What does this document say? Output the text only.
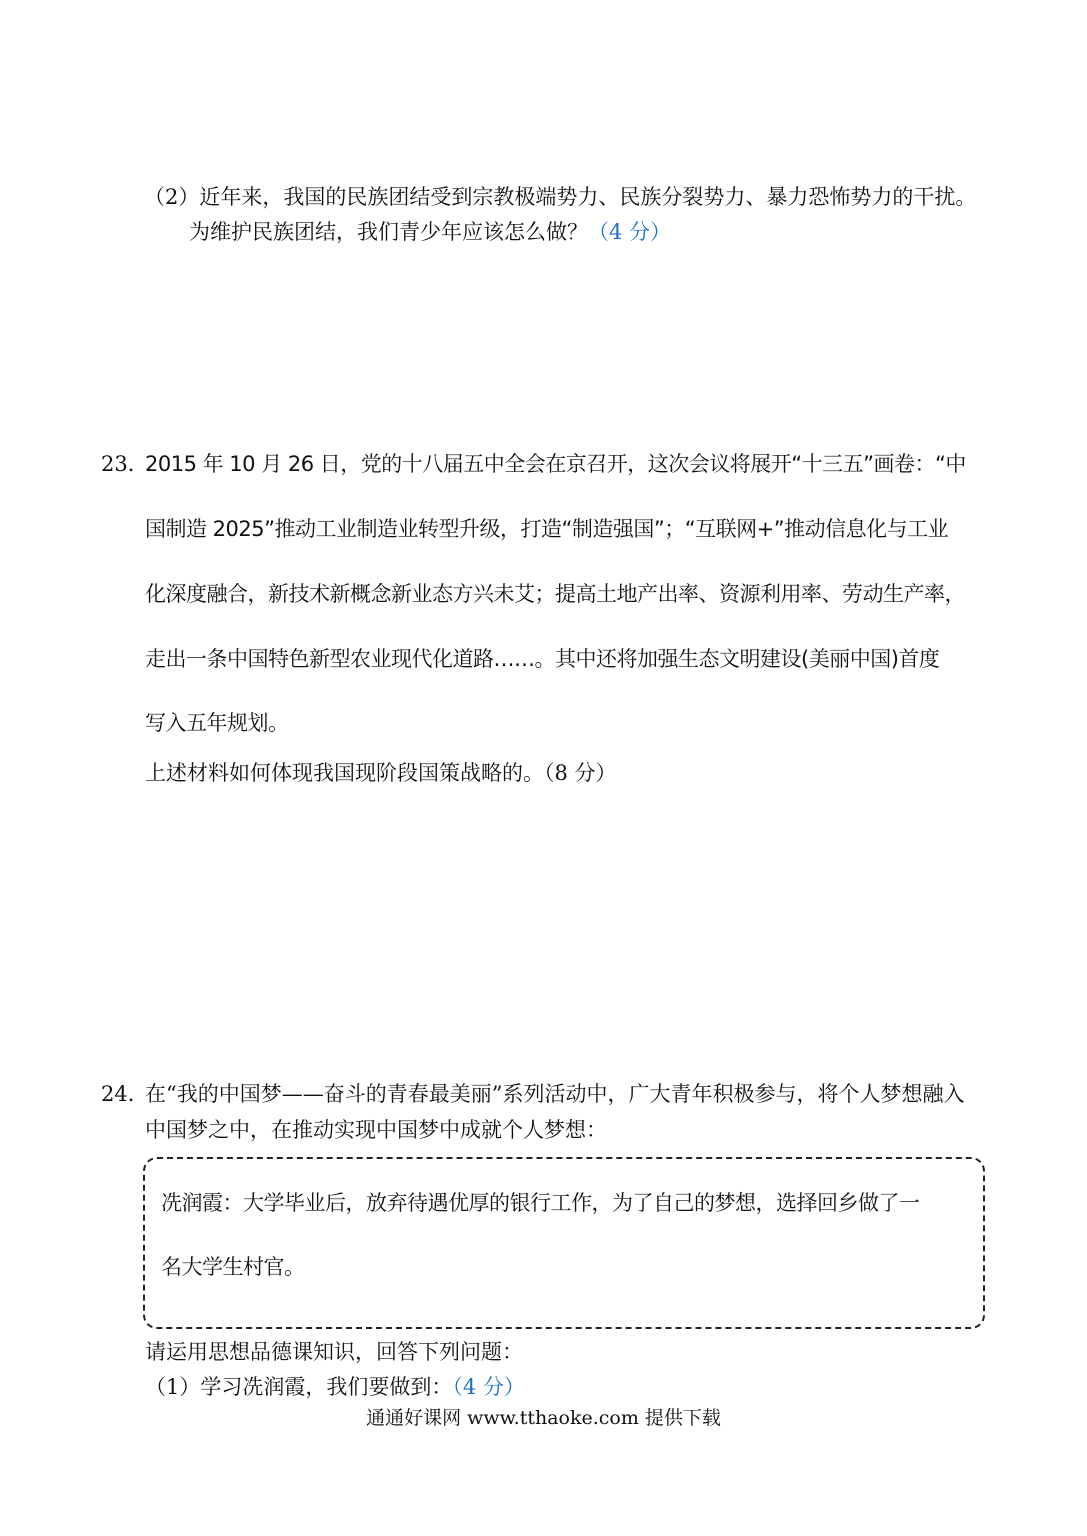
（2）近年来，我国的民族团结受到宗教极端势力、民族分裂势力、暴力恐怖势力的干扰。
为维护民族团结，我们青少年应该怎么做？（4 分）
23．
2015 年 10 月 26 日，党的十八届五中全会在京召开，这次会议将展开“十三五”画卷：“中
国制造 2025”推动工业制造业转型升级，打造“制造强国”；“互联网+”推动信息化与工业
化深度融合，新技术新概念新业态方兴未艾；提高土地产出率、资源利用率、劳动生产率，
走出一条中国特色新型农业现代化道路……。其中还将加强生态文明建设(美丽中国)首度
写入五年规划。
上述材料如何体现我国现阶段国策战略的。（8 分）
24．
在“我的中国梦——奋斗的青春最美丽”系列活动中，广大青年积极参与，将个人梦想融入
中国梦之中，在推动实现中国梦中成就个人梦想：
冼润霞：大学毕业后，放弃待遇优厚的银行工作，为了自己的梦想，选择回乡做了一
名大学生村官。
请运用思想品德课知识，回答下列问题：
（1）学习冼润霞，我们要做到：（4 分）
通通好课网 www.tthaoke.com 提供下载
